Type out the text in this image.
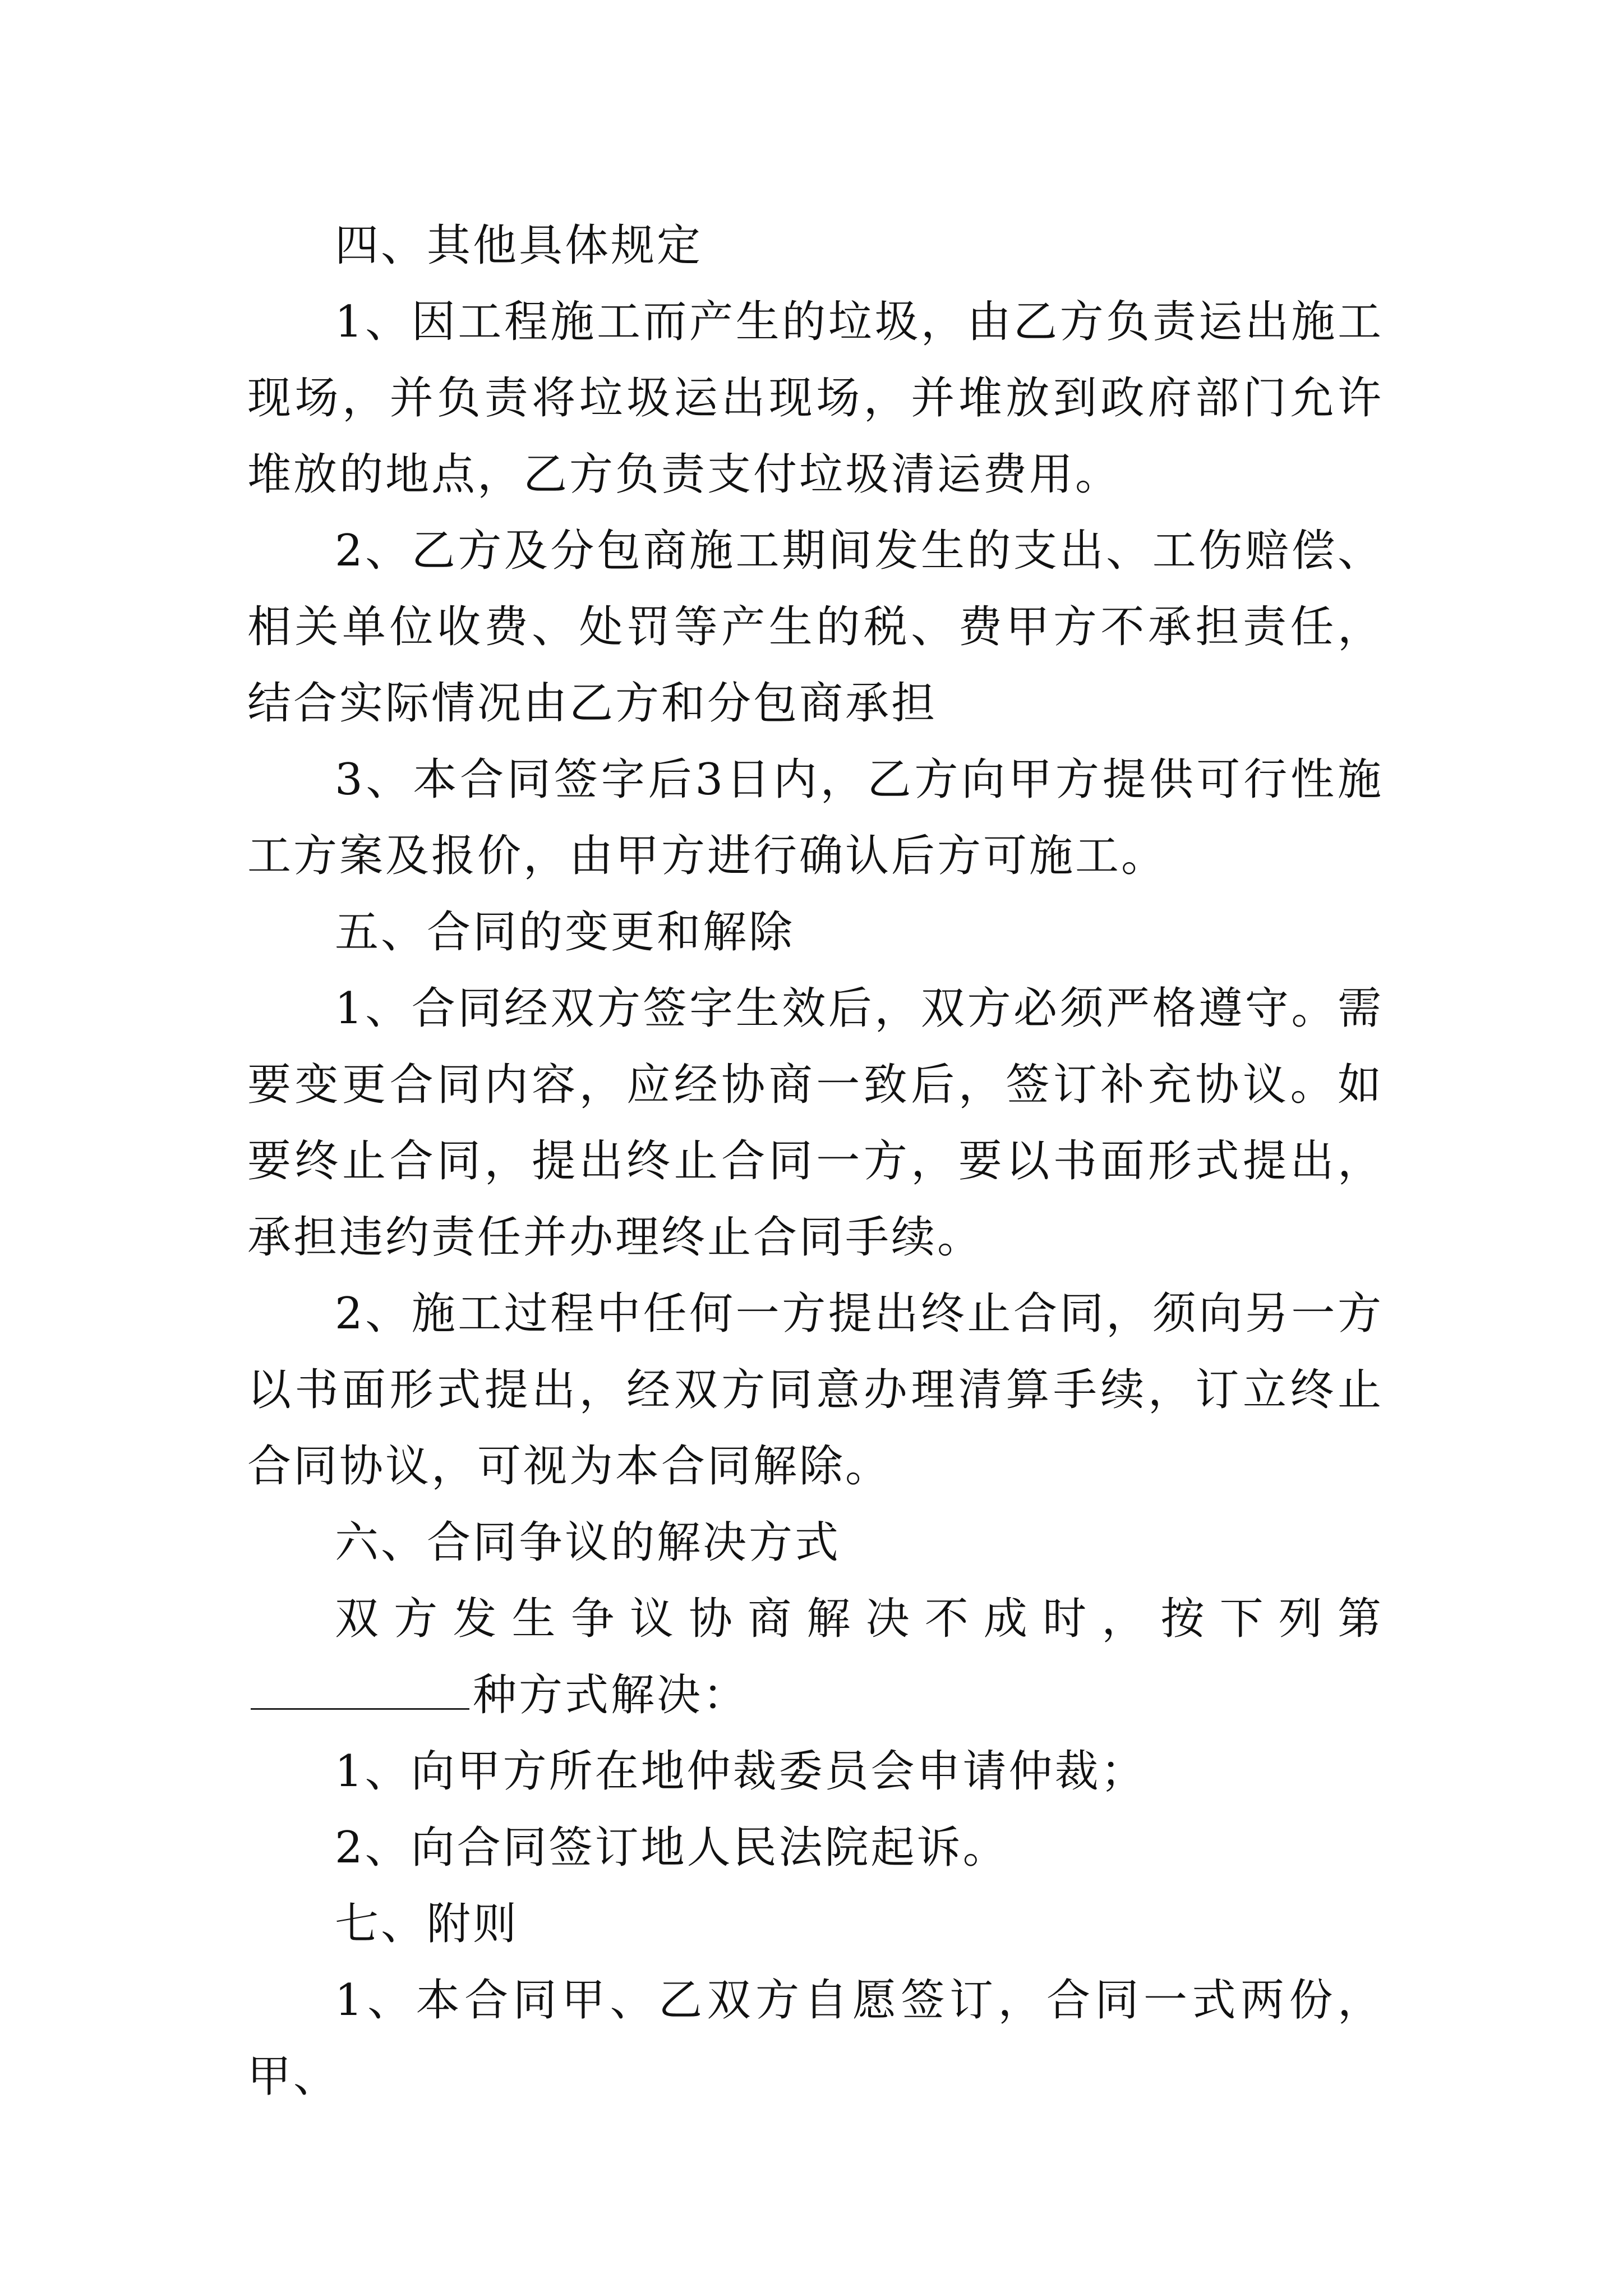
四、其他具体规定

1、因工程施工而产生的垃圾，由乙方负责运出施工现场，并负责将垃圾运出现场，并堆放到政府部门允许堆放的地点，乙方负责支付垃圾清运费用。

2、乙方及分包商施工期间发生的支出、工伤赔偿、相关单位收费、处罚等产生的税、费甲方不承担责任，结合实际情况由乙方和分包商承担

3、本合同签字后3日内，乙方向甲方提供可行性施工方案及报价，由甲方进行确认后方可施工。

五、合同的变更和解除

1、合同经双方签字生效后，双方必须严格遵守。需要变更合同内容，应经协商一致后，签订补充协议。如要终止合同，提出终止合同一方，要以书面形式提出，承担违约责任并办理终止合同手续。

2、施工过程中任何一方提出终止合同，须向另一方以书面形式提出，经双方同意办理清算手续，订立终止合同协议，可视为本合同解除。

六、合同争议的解决方式

双方发生争议协商解决不成时，按下列第种方式解决：

1、向甲方所在地仲裁委员会申请仲裁；

2、向合同签订地人民法院起诉。

七、附则

1、本合同甲、乙双方自愿签订，合同一式两份，甲、
